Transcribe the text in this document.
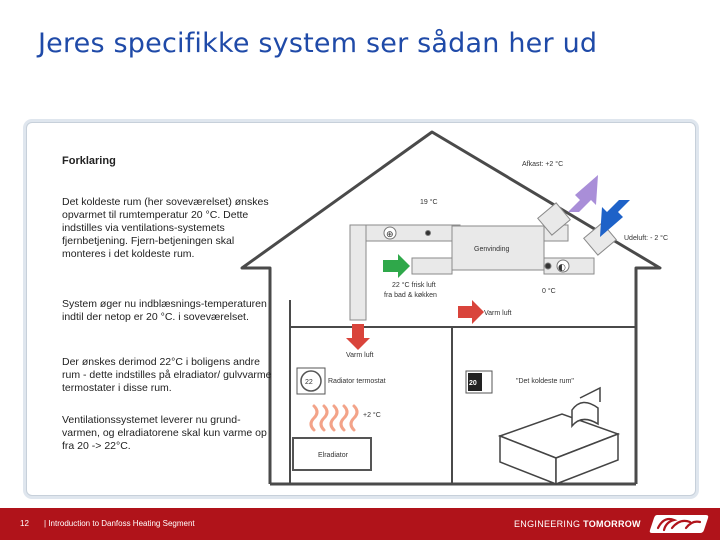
Jeres specifikke system ser sådan her ud
⊕
◐
Afkast: +2 °C
Udeluft: - 2 °C
19 °C
0 °C
22 °C frisk luft
fra bad & køkken
Varm luft
Varm luft
Genvinding
Radiator termostat
22	20	"Det koldeste rum"
+2 °C
Elradiator
Forklaring
Det koldeste rum (her soveværelset) ønskes opvarmet til rumtemperatur 20 °C. Dette indstilles via ventilations-systemets fjernbetjening. Fjern-betjeningen skal monteres i det koldeste rum.
System øger nu indblæsnings-temperaturen indtil der netop er 20 °C. i soveværelset.
Der ønskes derimod 22°C i boligens andre rum - dette indstilles på elradiator/ gulvvarme termostater i disse rum.
Ventilationssystemet leverer nu grund-varmen, og elradiatorene skal kun varme op fra 20 -> 22°C.
12 | Introduction to Danfoss Heating Segment	ENGINEERING TOMORROW
